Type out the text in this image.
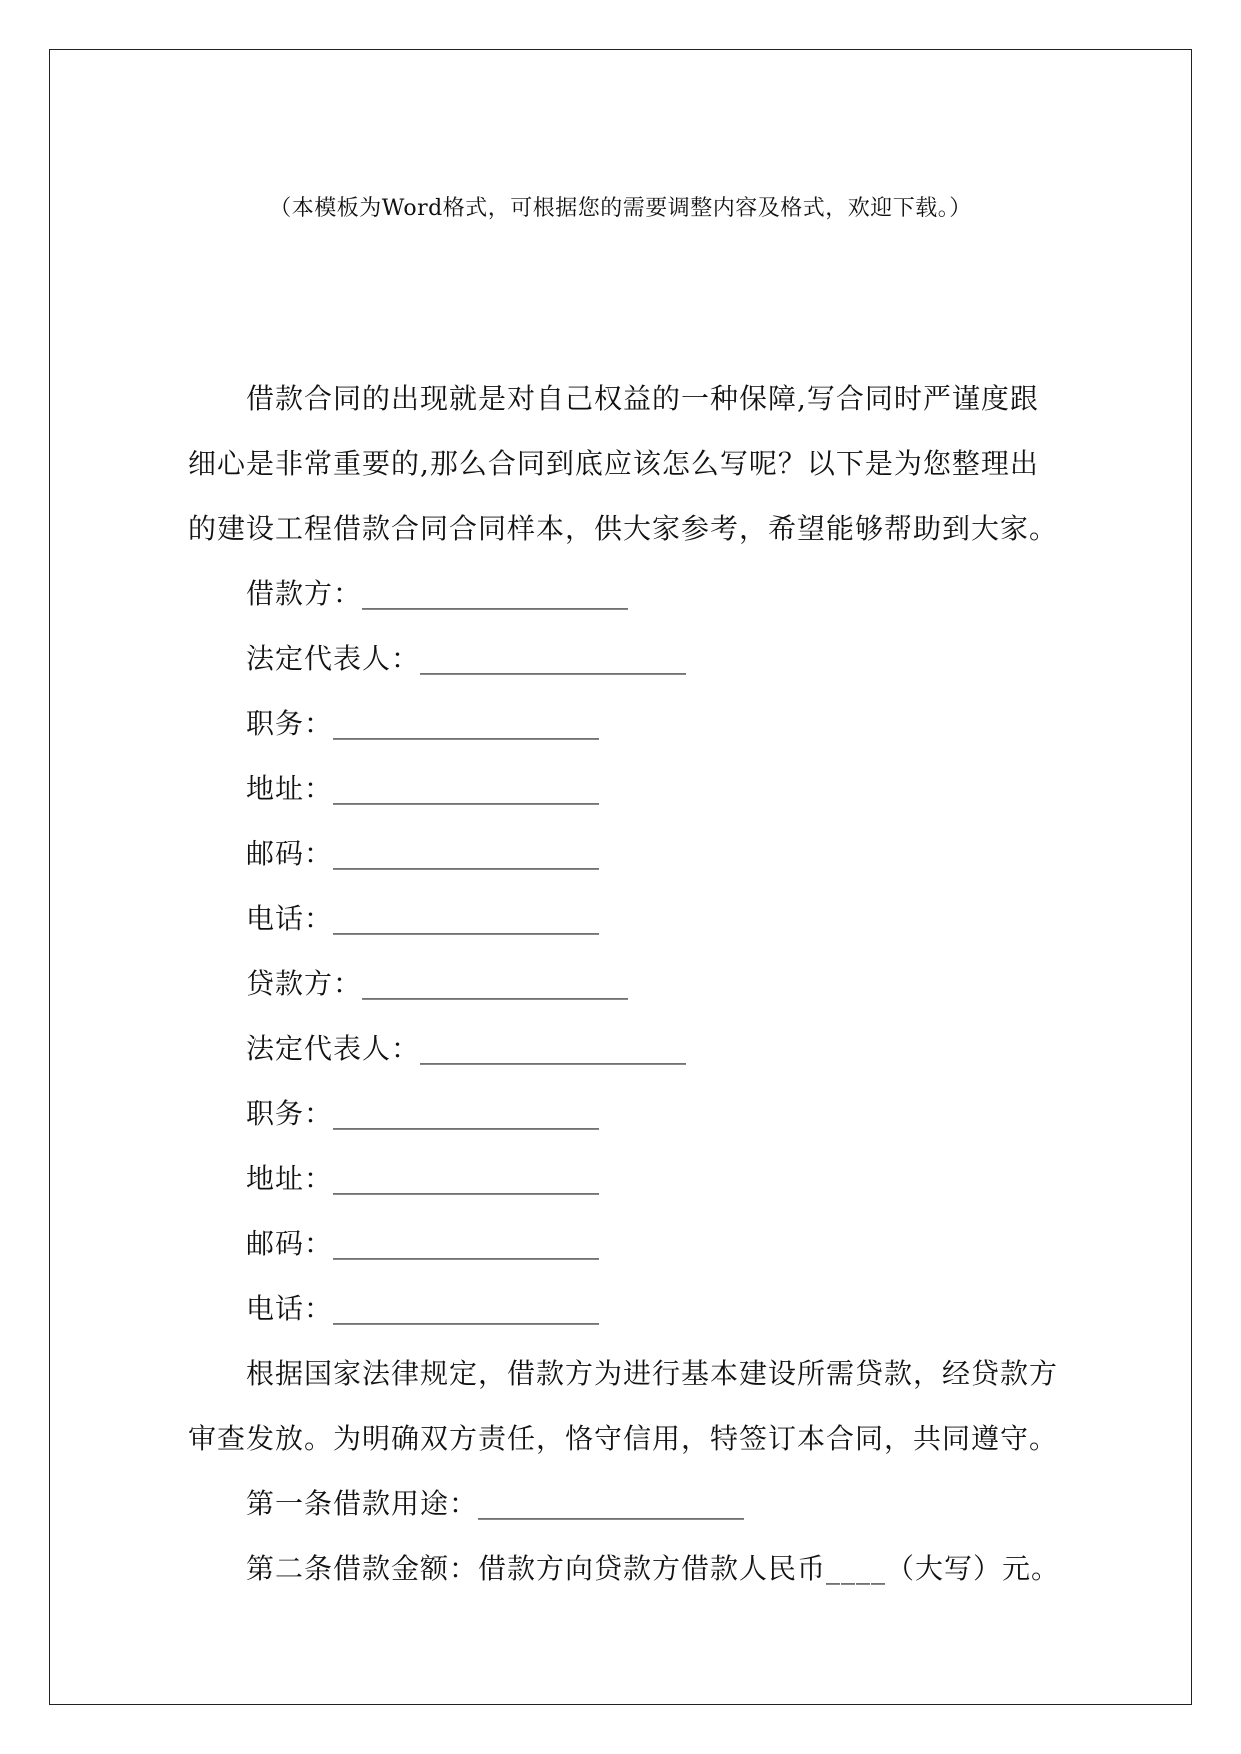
（本模板为Word格式，可根据您的需要调整内容及格式，欢迎下载。）

借款合同的出现就是对自己权益的一种保障,写合同时严谨度跟
细心是非常重要的,那么合同到底应该怎么写呢？以下是为您整理出
的建设工程借款合同合同样本，供大家参考，希望能够帮助到大家。

借款方：___________________
法定代表人：___________________
职务：___________________
地址：___________________
邮码：___________________
电话：___________________
贷款方：___________________
法定代表人：___________________
职务：___________________
地址：___________________
邮码：___________________
电话：___________________

根据国家法律规定，借款方为进行基本建设所需贷款，经贷款方
审查发放。为明确双方责任，恪守信用，特签订本合同，共同遵守。

第一条借款用途：___________________
第二条借款金额：借款方向贷款方借款人民币____（大写）元。
